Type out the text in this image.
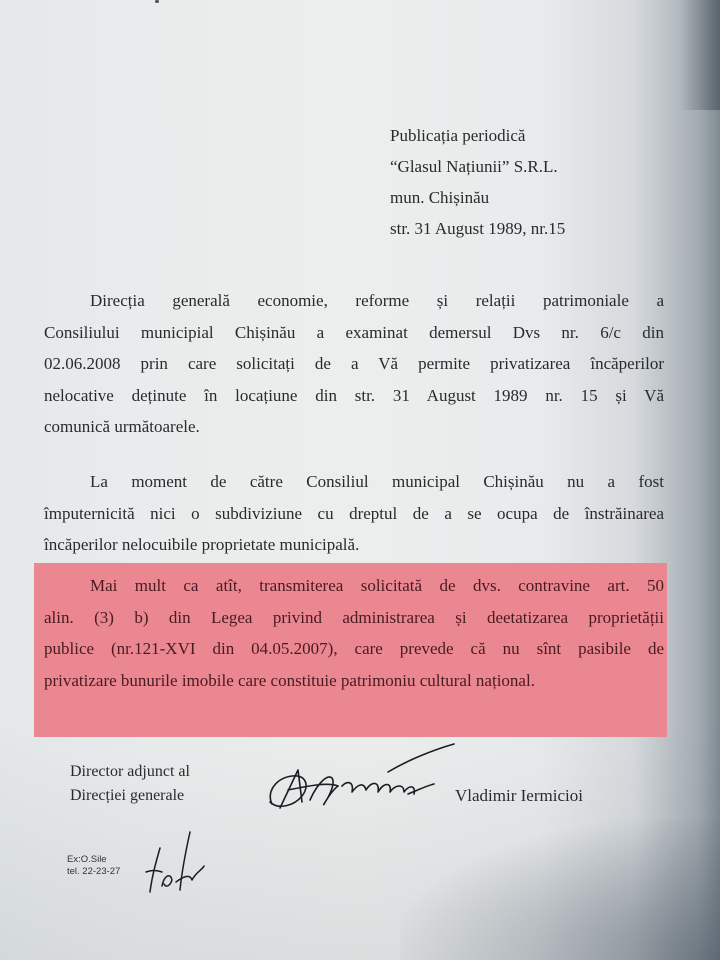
Publicația periodică
“Glasul Națiunii” S.R.L.
mun. Chișinău
str. 31 August 1989, nr.15
Direcția generală economie, reforme și relații patrimoniale a
Consiliului municipial Chișinău a examinat demersul Dvs nr. 6/c din
02.06.2008 prin care solicitați de a Vă permite privatizarea încăperilor
nelocative deținute în locațiune din str. 31 August 1989 nr. 15 și Vă
comunică următoarele.
La moment de către Consiliul municipal Chișinău nu a fost
împuternicită nici o subdiviziune cu dreptul de a se ocupa de înstrăinarea
încăperilor nelocuibile proprietate municipală.
Mai mult ca atît, transmiterea solicitată de dvs. contravine art. 50
alin. (3) b) din Legea privind administrarea și deetatizarea proprietății
publice (nr.121-XVI din 04.05.2007), care prevede că nu sînt pasibile de
privatizare bunurile imobile care constituie patrimoniu cultural național.
Director adjunct al
Direcției generale	Vladimir Iermicioi
Ex:O.Sile
tel. 22-23-27
